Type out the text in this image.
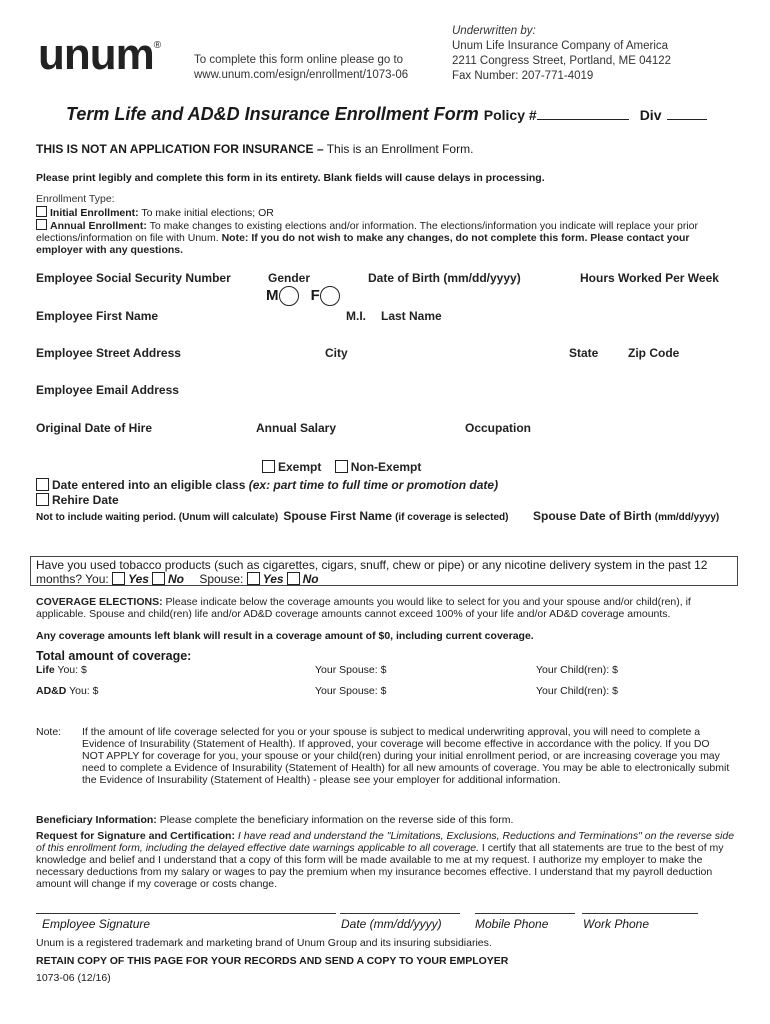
unum®
To complete this form online please go to
www.unum.com/esign/enrollment/1073-06
Underwritten by:
Unum Life Insurance Company of America
2211 Congress Street, Portland, ME 04122
Fax Number: 207-771-4019
Term Life and AD&D Insurance Enrollment Form Policy #	Div
THIS IS NOT AN APPLICATION FOR INSURANCE – This is an Enrollment Form.
Please print legibly and complete this form in its entirety. Blank fields will cause delays in processing.
Enrollment Type:
Initial Enrollment: To make initial elections; OR
Annual Enrollment: To make changes to existing elections and/or information. The elections/information you indicate will replace your prior elections/information on file with Unum. Note: If you do not wish to make any changes, do not complete this form. Please contact your employer with any questions.
Employee Social Security Number	Gender	Date of Birth (mm/dd/yyyy)	Hours Worked Per Week
M F
Employee First Name	M.I. Last Name
Employee Street Address	City	State Zip Code
Employee Email Address
Original Date of Hire	Annual Salary	Occupation
Exempt Non-Exempt
Date entered into an eligible class (ex: part time to full time or promotion date)
Rehire Date
Not to include waiting period. (Unum will calculate) Spouse First Name (if coverage is selected) Spouse Date of Birth (mm/dd/yyyy)
Have you used tobacco products (such as cigarettes, cigars, snuff, chew or pipe) or any nicotine delivery system in the past 12 months? You: Yes No Spouse: Yes No
COVERAGE ELECTIONS: Please indicate below the coverage amounts you would like to select for you and your spouse and/or child(ren), if applicable. Spouse and child(ren) life and/or AD&D coverage amounts cannot exceed 100% of your life and/or AD&D coverage amounts.
Any coverage amounts left blank will result in a coverage amount of $0, including current coverage.
Total amount of coverage:
Life You: $	Your Spouse: $	Your Child(ren): $
AD&D You: $	Your Spouse: $	Your Child(ren): $
Note: If the amount of life coverage selected for you or your spouse is subject to medical underwriting approval, you will need to complete a Evidence of Insurability (Statement of Health). If approved, your coverage will become effective in accordance with the policy. If you DO NOT APPLY for coverage for you, your spouse or your child(ren) during your initial enrollment period, or are increasing coverage you may need to complete a Evidence of Insurability (Statement of Health) for all new amounts of coverage. You may be able to electronically submit the Evidence of Insurability (Statement of Health) - please see your employer for additional information.
Beneficiary Information: Please complete the beneficiary information on the reverse side of this form.
Request for Signature and Certification: I have read and understand the "Limitations, Exclusions, Reductions and Terminations" on the reverse side of this enrollment form, including the delayed effective date warnings applicable to all coverage. I certify that all statements are true to the best of my knowledge and belief and I understand that a copy of this form will be made available to me at my request. I authorize my employer to make the necessary deductions from my salary or wages to pay the premium when my insurance becomes effective. I understand that my payroll deduction amount will change if my coverage or costs change.
Employee Signature	Date (mm/dd/yyyy)	Mobile Phone	Work Phone
Unum is a registered trademark and marketing brand of Unum Group and its insuring subsidiaries.
RETAIN COPY OF THIS PAGE FOR YOUR RECORDS AND SEND A COPY TO YOUR EMPLOYER
1073-06 (12/16)
